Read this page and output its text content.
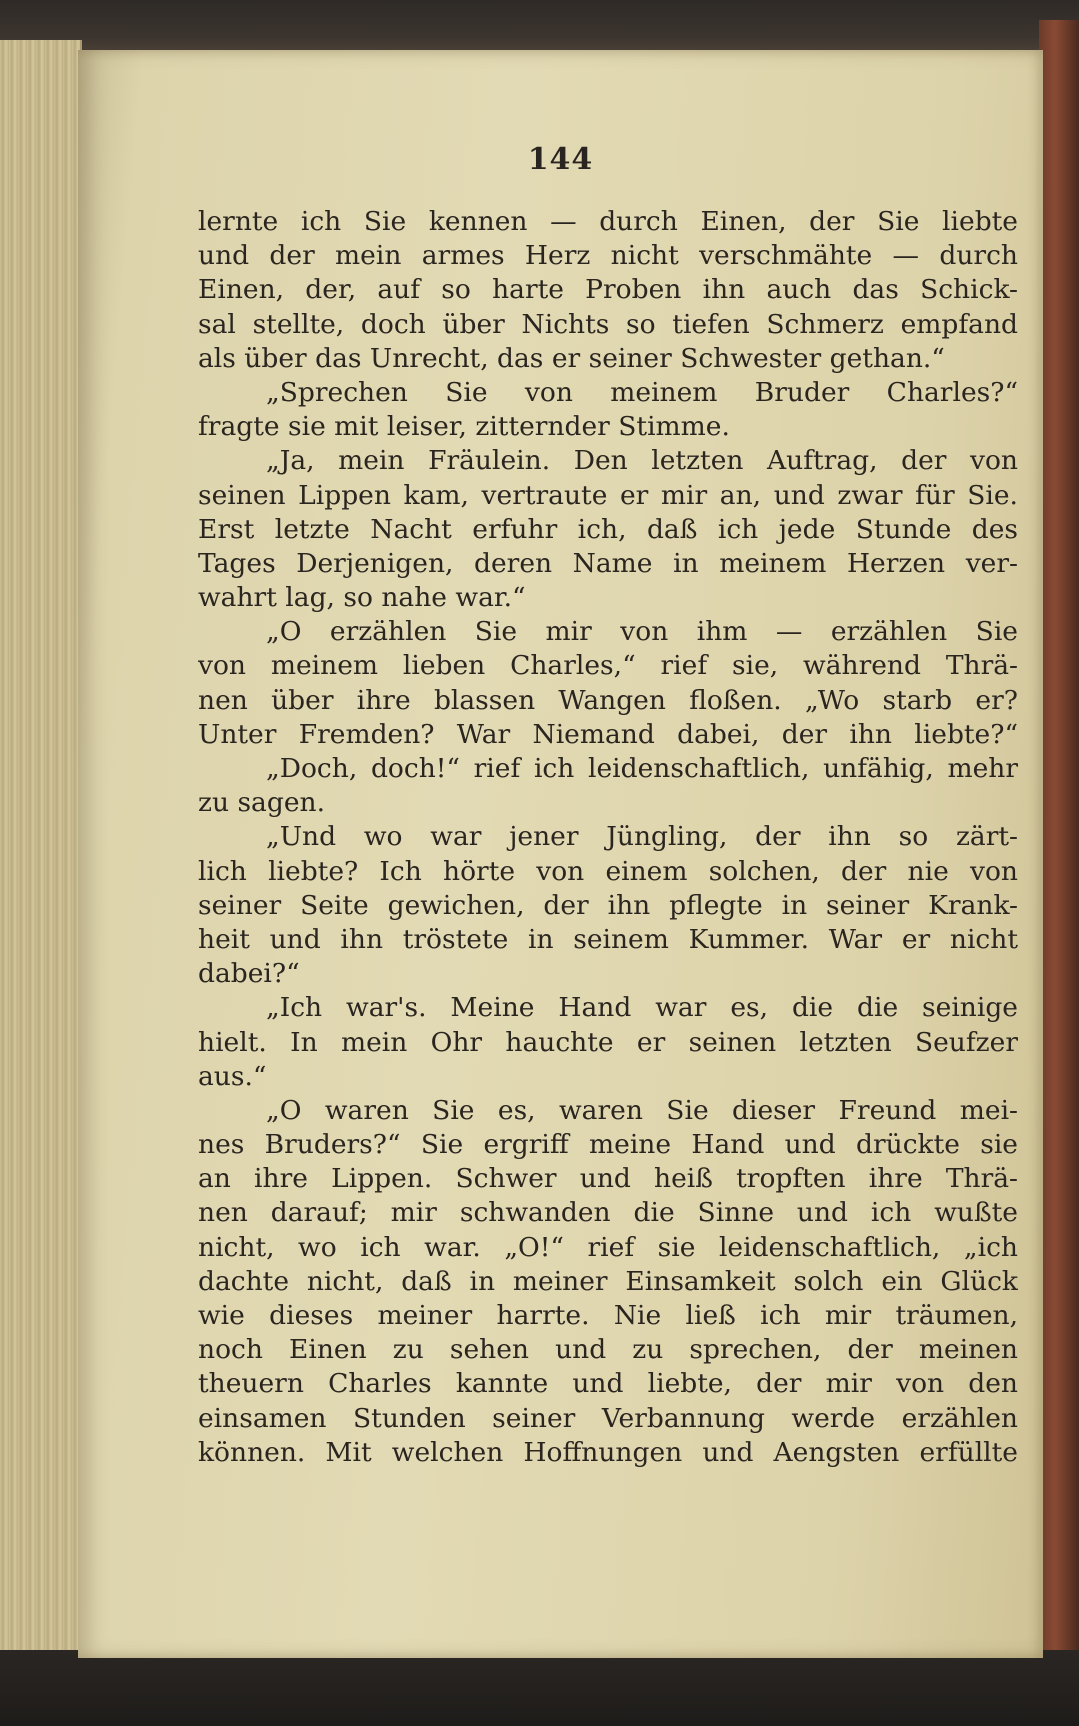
144
lernte ich Sie kennen — durch Einen, der Sie liebte
und der mein armes Herz nicht verschmähte — durch
Einen, der, auf so harte Proben ihn auch das Schick-
sal stellte, doch über Nichts so tiefen Schmerz empfand
als über das Unrecht, das er seiner Schwester gethan.“
„Sprechen Sie von meinem Bruder Charles?“
fragte sie mit leiser, zitternder Stimme.
„Ja, mein Fräulein. Den letzten Auftrag, der von
seinen Lippen kam, vertraute er mir an, und zwar für Sie.
Erst letzte Nacht erfuhr ich, daß ich jede Stunde des
Tages Derjenigen, deren Name in meinem Herzen ver-
wahrt lag, so nahe war.“
„O erzählen Sie mir von ihm — erzählen Sie
von meinem lieben Charles,“ rief sie, während Thrä-
nen über ihre blassen Wangen floßen. „Wo starb er?
Unter Fremden? War Niemand dabei, der ihn liebte?“
„Doch, doch!“ rief ich leidenschaftlich, unfähig, mehr
zu sagen.
„Und wo war jener Jüngling, der ihn so zärt-
lich liebte? Ich hörte von einem solchen, der nie von
seiner Seite gewichen, der ihn pflegte in seiner Krank-
heit und ihn tröstete in seinem Kummer. War er nicht
dabei?“
„Ich war's. Meine Hand war es, die die seinige
hielt. In mein Ohr hauchte er seinen letzten Seufzer
aus.“
„O waren Sie es, waren Sie dieser Freund mei-
nes Bruders?“ Sie ergriff meine Hand und drückte sie
an ihre Lippen. Schwer und heiß tropften ihre Thrä-
nen darauf; mir schwanden die Sinne und ich wußte
nicht, wo ich war. „O!“ rief sie leidenschaftlich, „ich
dachte nicht, daß in meiner Einsamkeit solch ein Glück
wie dieses meiner harrte. Nie ließ ich mir träumen,
noch Einen zu sehen und zu sprechen, der meinen
theuern Charles kannte und liebte, der mir von den
einsamen Stunden seiner Verbannung werde erzählen
können. Mit welchen Hoffnungen und Aengsten erfüllte
